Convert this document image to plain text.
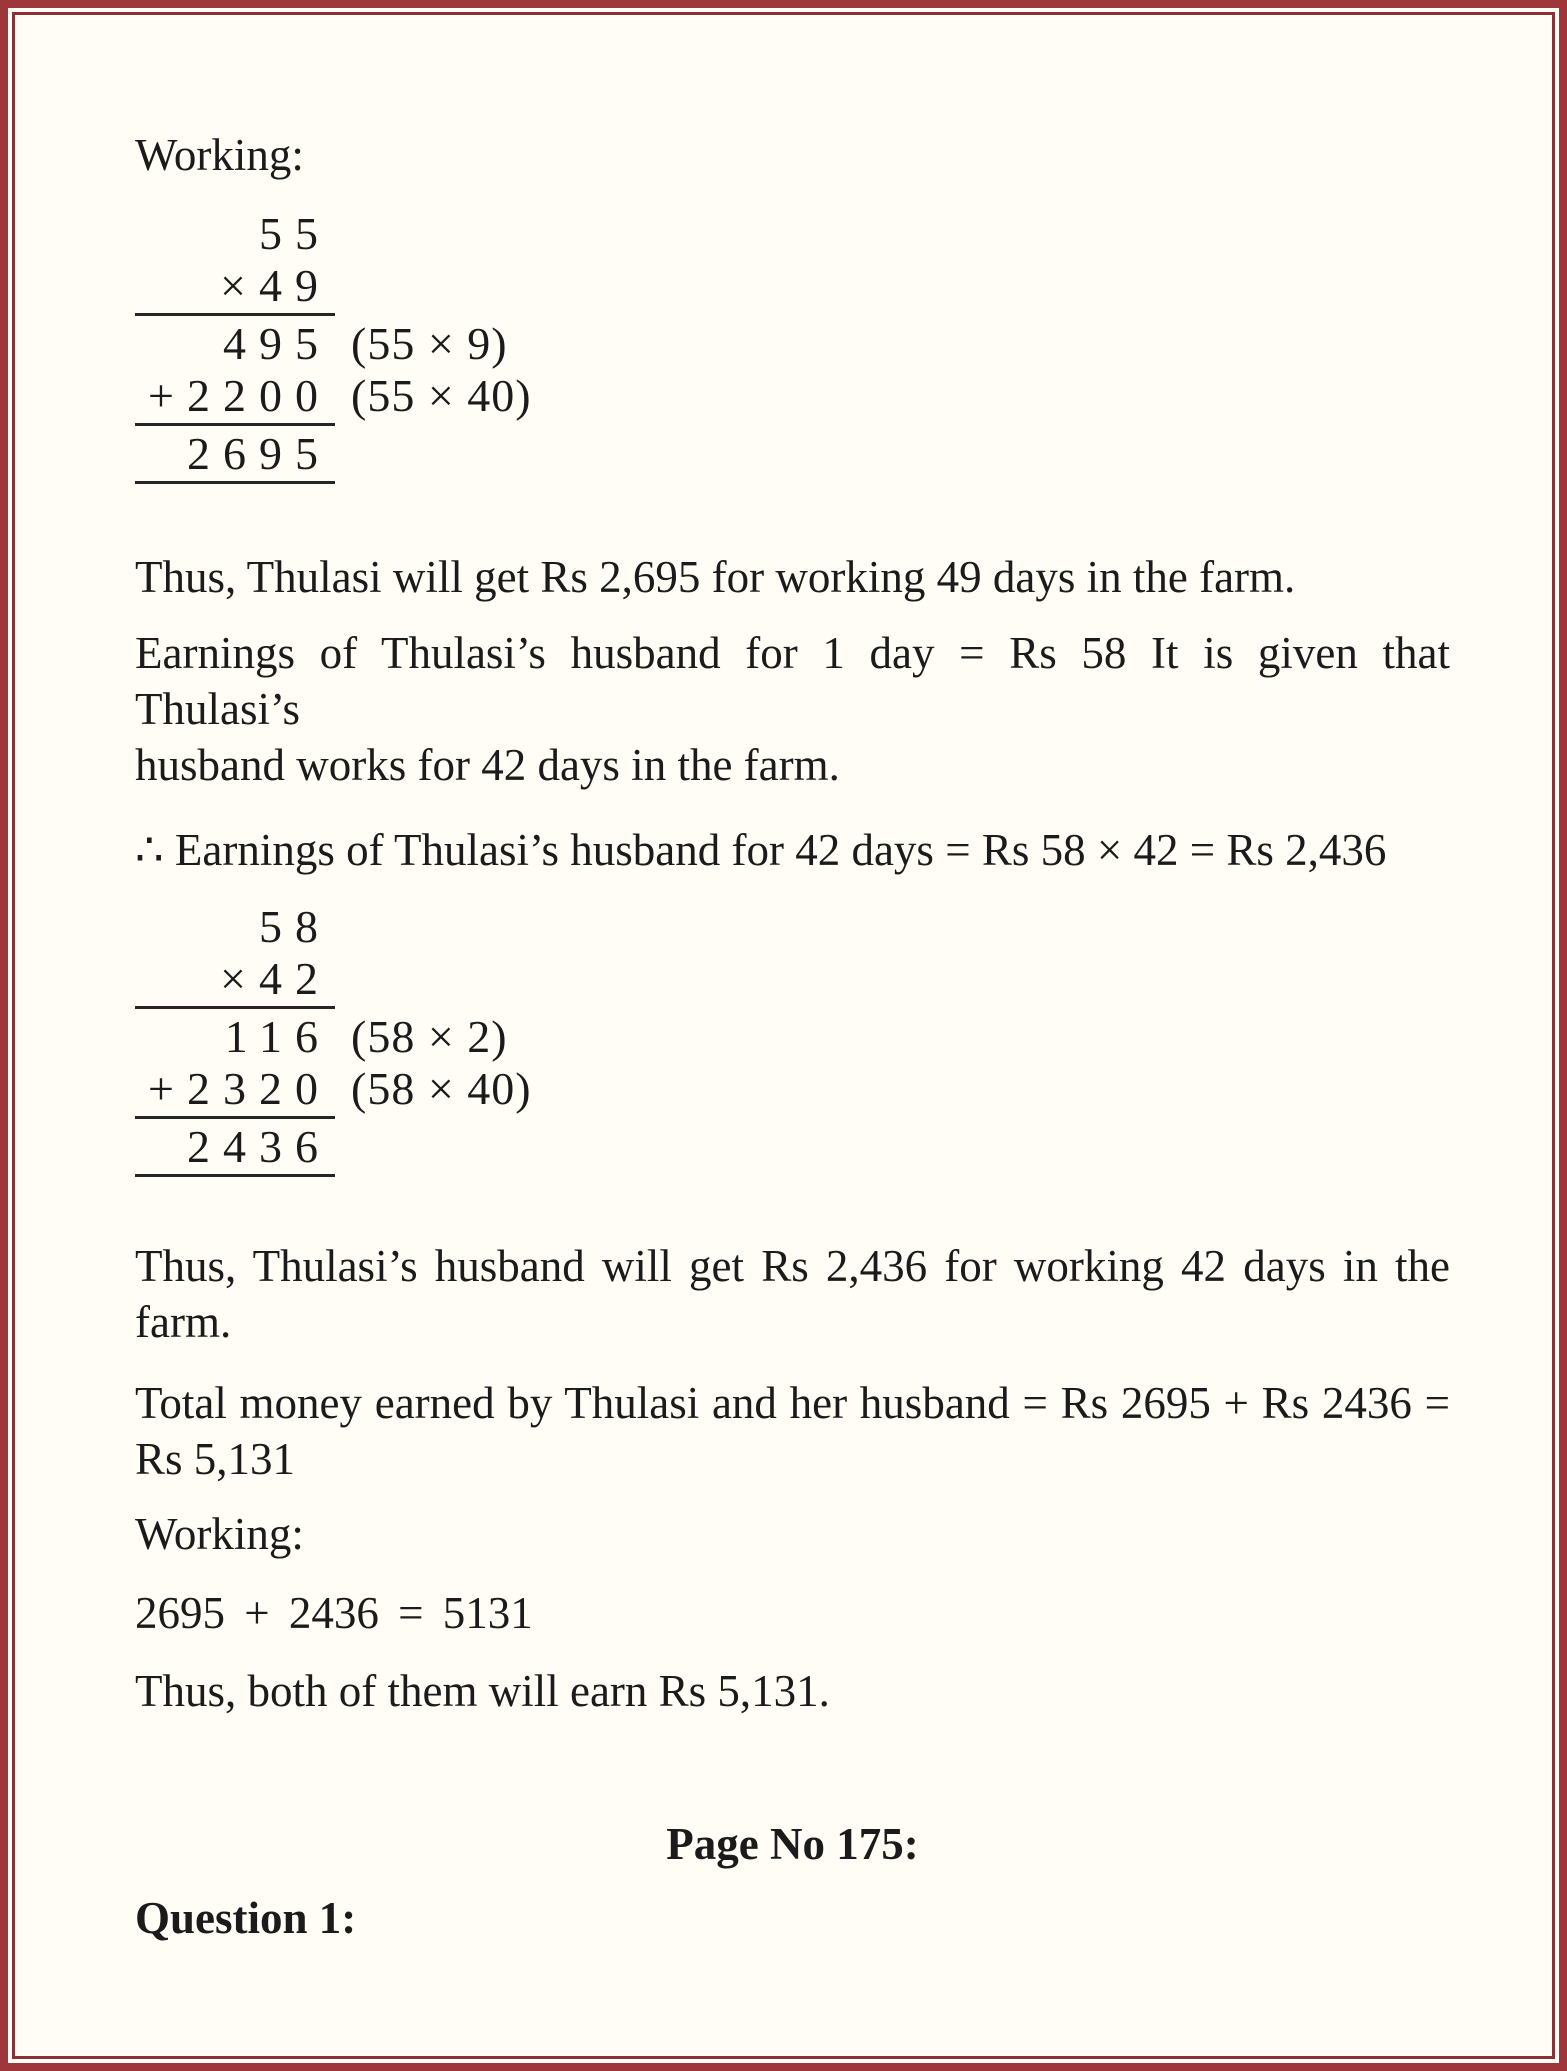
Working:

55
×49
495 (55 × 9)
+2200 (55 × 40)
2695

Thus, Thulasi will get Rs 2,695 for working 49 days in the farm.

Earnings of Thulasi’s husband for 1 day = Rs 58 It is given that Thulasi’s
husband works for 42 days in the farm.

∴ Earnings of Thulasi’s husband for 42 days = Rs 58 × 42 = Rs 2,436

58
×42
116 (58 × 2)
+2320 (58 × 40)
2436

Thus, Thulasi’s husband will get Rs 2,436 for working 42 days in the
farm.

Total money earned by Thulasi and her husband = Rs 2695 + Rs 2436 =
Rs 5,131

Working:

2695 + 2436 = 5131

Thus, both of them will earn Rs 5,131.

Page No 175:

Question 1:
